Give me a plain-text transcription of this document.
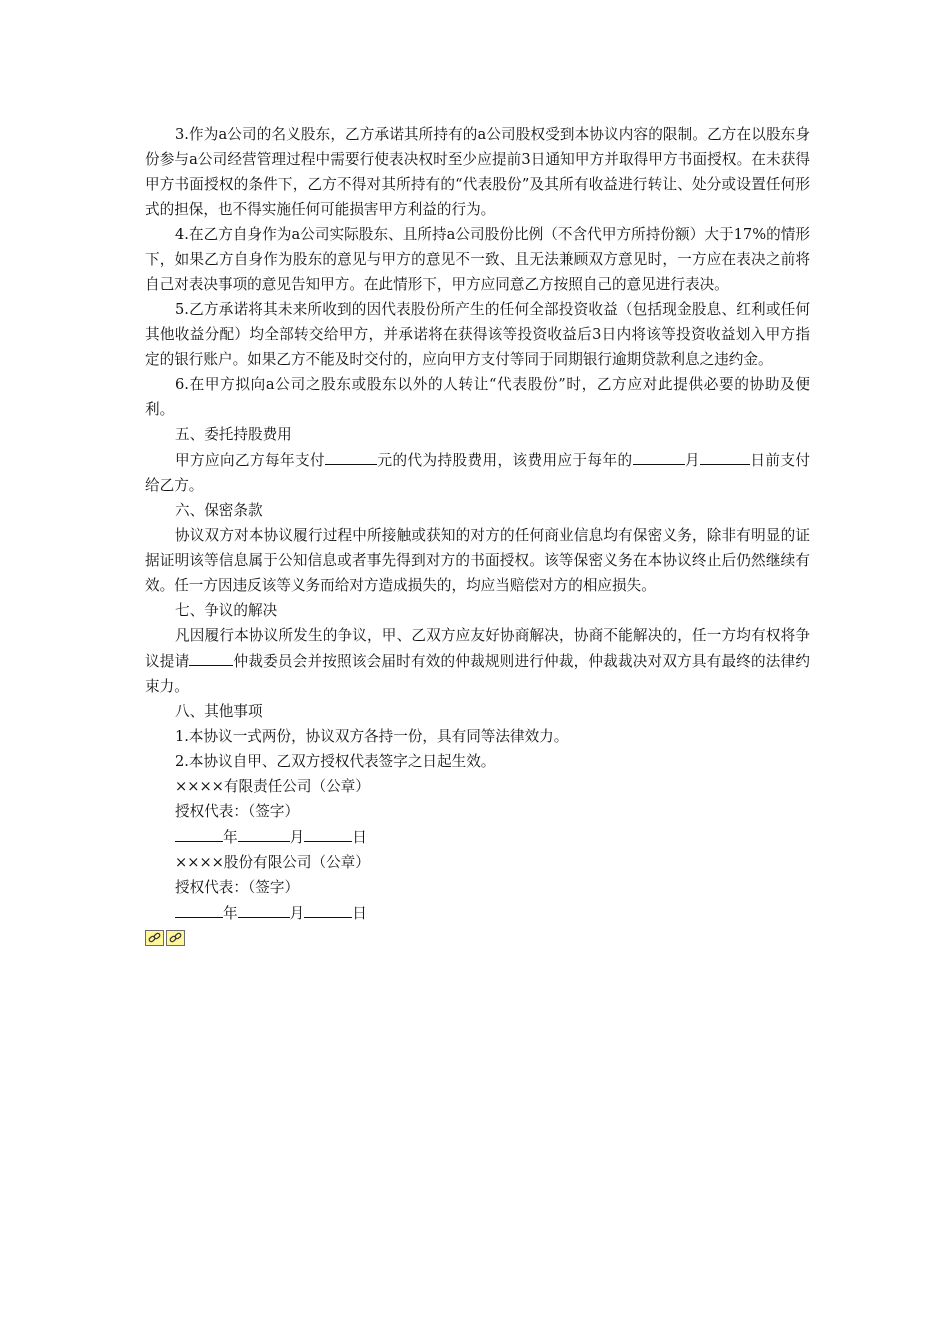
3.作为a公司的名义股东，乙方承诺其所持有的a公司股权受到本协议内容的限制。乙方在以股东身份参与a公司经营管理过程中需要行使表决权时至少应提前3日通知甲方并取得甲方书面授权。在未获得甲方书面授权的条件下，乙方不得对其所持有的“代表股份”及其所有收益进行转让、处分或设置任何形式的担保，也不得实施任何可能损害甲方利益的行为。

4.在乙方自身作为a公司实际股东、且所持a公司股份比例（不含代甲方所持份额）大于17%的情形下，如果乙方自身作为股东的意见与甲方的意见不一致、且无法兼顾双方意见时，一方应在表决之前将自己对表决事项的意见告知甲方。在此情形下，甲方应同意乙方按照自己的意见进行表决。

5.乙方承诺将其未来所收到的因代表股份所产生的任何全部投资收益（包括现金股息、红利或任何其他收益分配）均全部转交给甲方，并承诺将在获得该等投资收益后3日内将该等投资收益划入甲方指定的银行账户。如果乙方不能及时交付的，应向甲方支付等同于同期银行逾期贷款利息之违约金。

6.在甲方拟向a公司之股东或股东以外的人转让“代表股份”时，乙方应对此提供必要的协助及便利。

五、委托持股费用

甲方应向乙方每年支付	元的代为持股费用，该费用应于每年的	月	日前支付给乙方。

六、保密条款

协议双方对本协议履行过程中所接触或获知的对方的任何商业信息均有保密义务，除非有明显的证据证明该等信息属于公知信息或者事先得到对方的书面授权。该等保密义务在本协议终止后仍然继续有效。任一方因违反该等义务而给对方造成损失的，均应当赔偿对方的相应损失。

七、争议的解决

凡因履行本协议所发生的争议，甲、乙双方应友好协商解决，协商不能解决的，任一方均有权将争议提请	仲裁委员会并按照该会届时有效的仲裁规则进行仲裁，仲裁裁决对双方具有最终的法律约束力。

八、其他事项

1.本协议一式两份，协议双方各持一份，具有同等法律效力。

2.本协议自甲、乙双方授权代表签字之日起生效。

××××有限责任公司（公章）

授权代表：（签字）

年	月	日

××××股份有限公司（公章）

授权代表：（签字）

年	月	日
